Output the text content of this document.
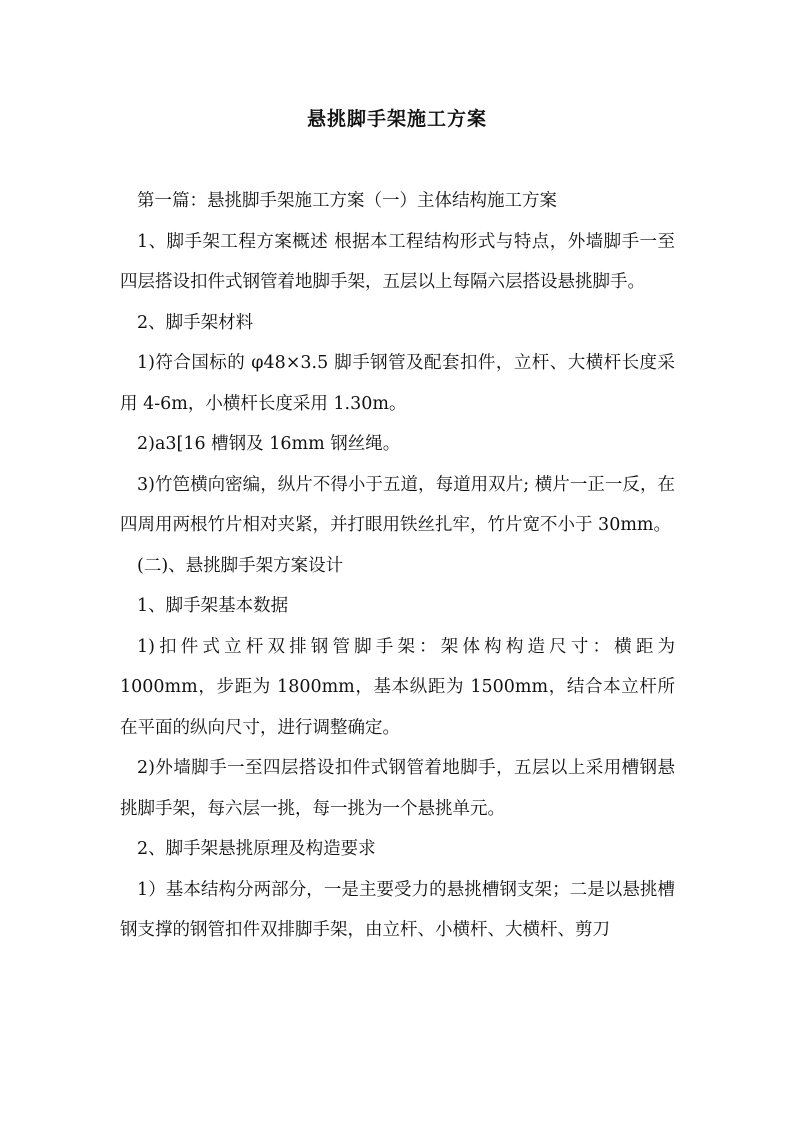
悬挑脚手架施工方案

第一篇：悬挑脚手架施工方案（一）主体结构施工方案

1、脚手架工程方案概述 根据本工程结构形式与特点，外墙脚手一至四层搭设扣件式钢管着地脚手架，五层以上每隔六层搭设悬挑脚手。

2、脚手架材料

1)符合国标的 φ48×3.5 脚手钢管及配套扣件，立杆、大横杆长度采用 4-6m，小横杆长度采用 1.30m。

2)a3[16 槽钢及 16mm 钢丝绳。

3)竹笆横向密编，纵片不得小于五道，每道用双片; 横片一正一反，在四周用两根竹片相对夹紧，并打眼用铁丝扎牢，竹片宽不小于 30mm。

(二)、悬挑脚手架方案设计

1、脚手架基本数据

1)扣件式立杆双排钢管脚手架：架体构构造尺寸：横距为 1000mm，步距为 1800mm，基本纵距为 1500mm，结合本立杆所在平面的纵向尺寸，进行调整确定。

2)外墙脚手一至四层搭设扣件式钢管着地脚手，五层以上采用槽钢悬挑脚手架，每六层一挑，每一挑为一个悬挑单元。

2、脚手架悬挑原理及构造要求

1）基本结构分两部分，一是主要受力的悬挑槽钢支架；二是以悬挑槽钢支撑的钢管扣件双排脚手架，由立杆、小横杆、大横杆、剪刀
